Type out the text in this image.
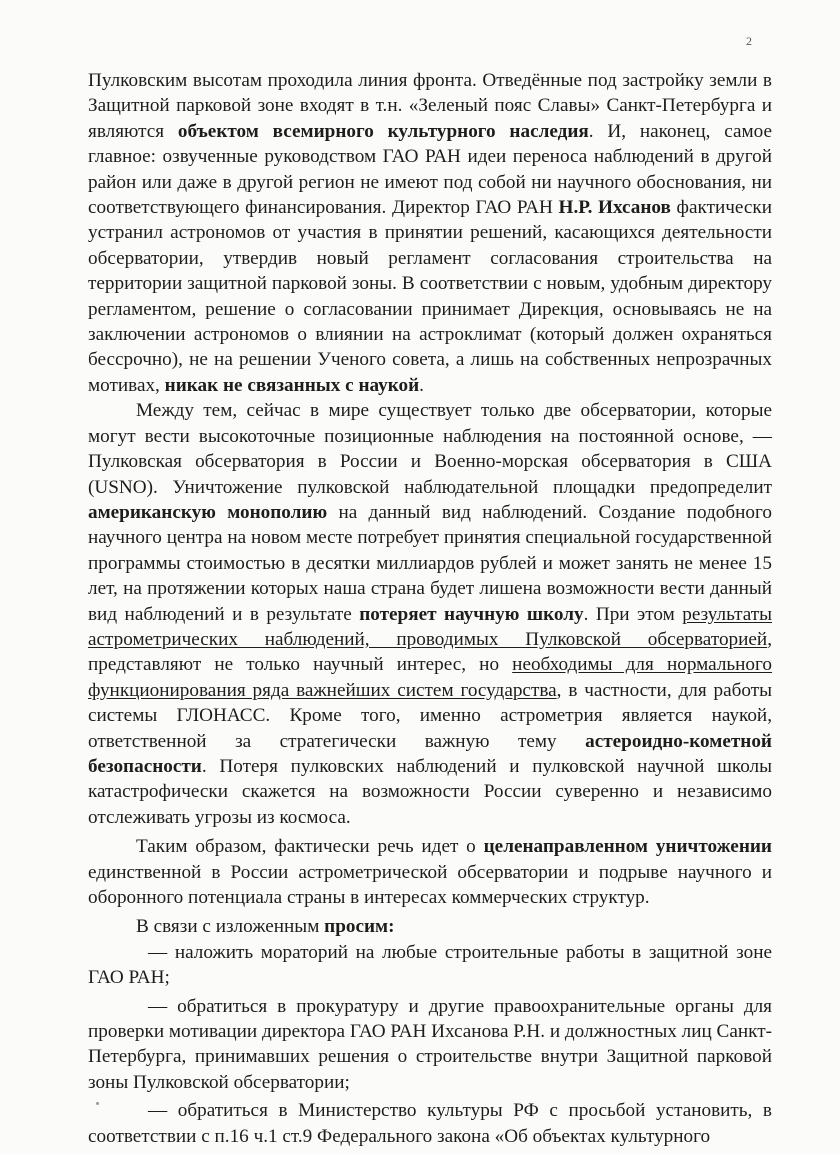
2

Пулковским высотам проходила линия фронта. Отведённые под застройку земли в Защитной парковой зоне входят в т.н. «Зеленый пояс Славы» Санкт-Петербурга и являются объектом всемирного культурного наследия. И, наконец, самое главное: озвученные руководством ГАО РАН идеи переноса наблюдений в другой район или даже в другой регион не имеют под собой ни научного обоснования, ни соответствующего финансирования. Директор ГАО РАН Н.Р. Ихсанов фактически устранил астрономов от участия в принятии решений, касающихся деятельности обсерватории, утвердив новый регламент согласования строительства на территории защитной парковой зоны. В соответствии с новым, удобным директору регламентом, решение о согласовании принимает Дирекция, основываясь не на заключении астрономов о влиянии на астроклимат (который должен охраняться бессрочно), не на решении Ученого совета, а лишь на собственных непрозрачных мотивах, никак не связанных с наукой.

Между тем, сейчас в мире существует только две обсерватории, которые могут вести высокоточные позиционные наблюдения на постоянной основе, — Пулковская обсерватория в России и Военно-морская обсерватория в США (USNO). Уничтожение пулковской наблюдательной площадки предопределит американскую монополию на данный вид наблюдений. Создание подобного научного центра на новом месте потребует принятия специальной государственной программы стоимостью в десятки миллиардов рублей и может занять не менее 15 лет, на протяжении которых наша страна будет лишена возможности вести данный вид наблюдений и в результате потеряет научную школу. При этом результаты астрометрических наблюдений, проводимых Пулковской обсерваторией, представляют не только научный интерес, но необходимы для нормального функционирования ряда важнейших систем государства, в частности, для работы системы ГЛОНАСС. Кроме того, именно астрометрия является наукой, ответственной за стратегически важную тему астероидно-кометной безопасности. Потеря пулковских наблюдений и пулковской научной школы катастрофически скажется на возможности России суверенно и независимо отслеживать угрозы из космоса.

Таким образом, фактически речь идет о целенаправленном уничтожении единственной в России астрометрической обсерватории и подрыве научного и оборонного потенциала страны в интересах коммерческих структур.

В связи с изложенным просим:

— наложить мораторий на любые строительные работы в защитной зоне ГАО РАН;

— обратиться в прокуратуру и другие правоохранительные органы для проверки мотивации директора ГАО РАН Ихсанова Р.Н. и должностных лиц Санкт-Петербурга, принимавших решения о строительстве внутри Защитной парковой зоны Пулковской обсерватории;

— обратиться в Министерство культуры РФ с просьбой установить, в соответствии с п.16 ч.1 ст.9 Федерального закона «Об объектах культурного
